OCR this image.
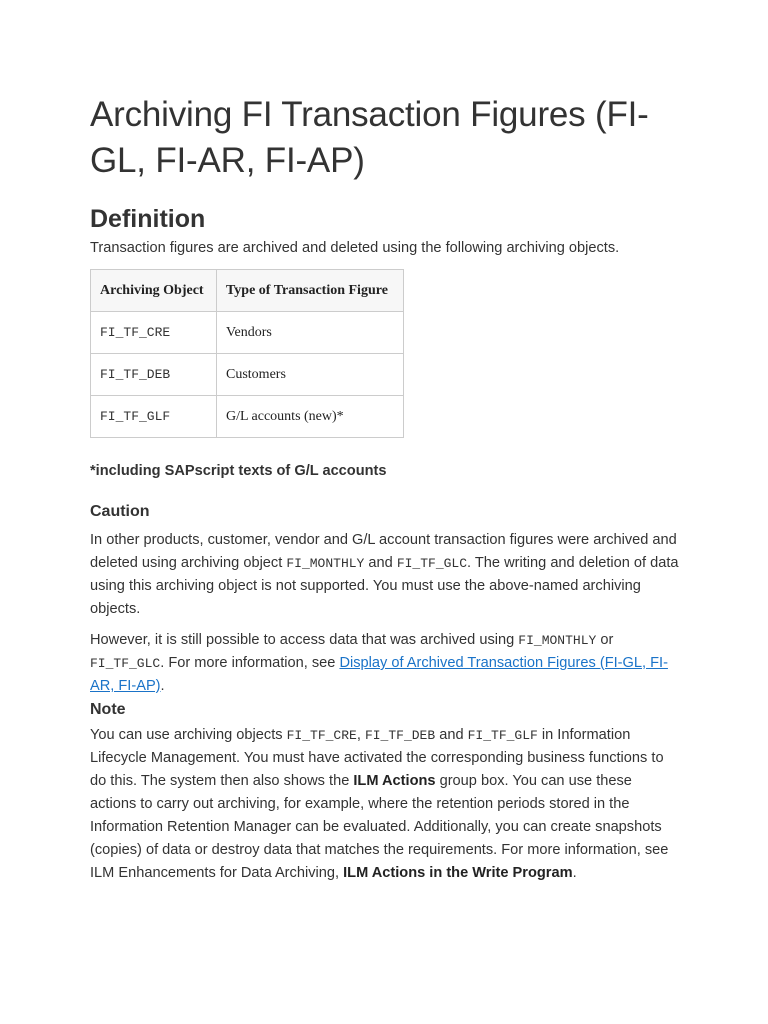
Archiving FI Transaction Figures (FI-GL, FI-AR, FI-AP)
Definition

Transaction figures are archived and deleted using the following archiving objects.

Archiving Object	Type of Transaction Figure
FI_TF_CRE	Vendors
FI_TF_DEB	Customers
FI_TF_GLF	G/L accounts (new)*

*including SAPscript texts of G/L accounts

Caution

In other products, customer, vendor and G/L account transaction figures were archived and deleted using archiving object FI_MONTHLY and FI_TF_GLC. The writing and deletion of data using this archiving object is not supported. You must use the above-named archiving objects.

However, it is still possible to access data that was archived using FI_MONTHLY or FI_TF_GLC. For more information, see Display of Archived Transaction Figures (FI-GL, FI-AR, FI-AP).

Note

You can use archiving objects FI_TF_CRE, FI_TF_DEB and FI_TF_GLF in Information Lifecycle Management. You must have activated the corresponding business functions to do this. The system then also shows the ILM Actions group box. You can use these actions to carry out archiving, for example, where the retention periods stored in the Information Retention Manager can be evaluated. Additionally, you can create snapshots (copies) of data or destroy data that matches the requirements. For more information, see ILM Enhancements for Data Archiving, ILM Actions in the Write Program.
